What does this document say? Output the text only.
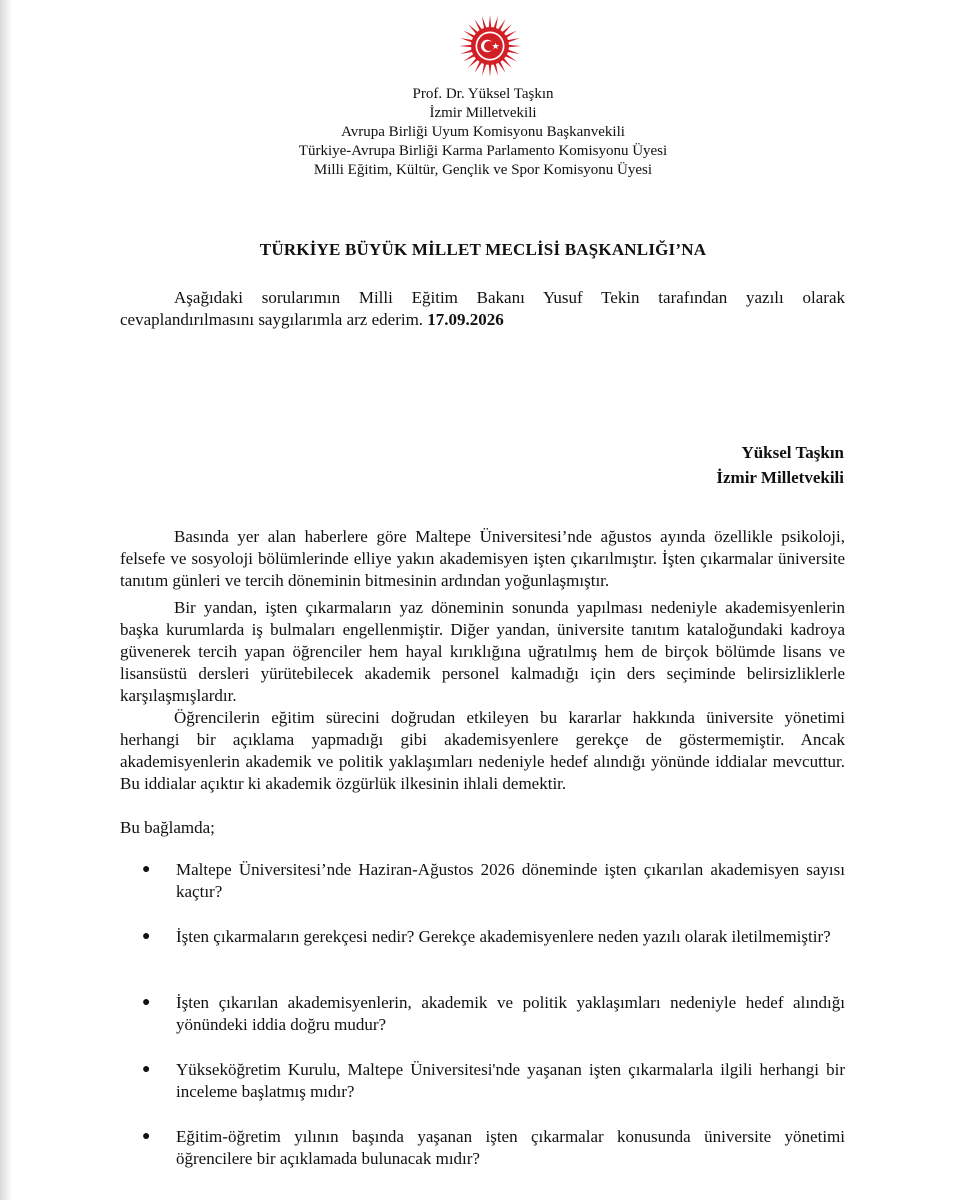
Prof. Dr. Yüksel Taşkın
İzmir Milletvekili
Avrupa Birliği Uyum Komisyonu Başkanvekili
Türkiye-Avrupa Birliği Karma Parlamento Komisyonu Üyesi
Milli Eğitim, Kültür, Gençlik ve Spor Komisyonu Üyesi
TÜRKİYE BÜYÜK MİLLET MECLİSİ BAŞKANLIĞI’NA
Aşağıdaki sorularımın Milli Eğitim Bakanı Yusuf Tekin tarafından yazılı olarak cevaplandırılmasını saygılarımla arz ederim. 17.09.2026
Yüksel Taşkın
İzmir Milletvekili
Basında yer alan haberlere göre Maltepe Üniversitesi’nde ağustos ayında özellikle psikoloji, felsefe ve sosyoloji bölümlerinde elliye yakın akademisyen işten çıkarılmıştır. İşten çıkarmalar üniversite tanıtım günleri ve tercih döneminin bitmesinin ardından yoğunlaşmıştır.
Bir yandan, işten çıkarmaların yaz döneminin sonunda yapılması nedeniyle akademisyenlerin başka kurumlarda iş bulmaları engellenmiştir. Diğer yandan, üniversite tanıtım kataloğundaki kadroya güvenerek tercih yapan öğrenciler hem hayal kırıklığına uğratılmış hem de birçok bölümde lisans ve lisansüstü dersleri yürütebilecek akademik personel kalmadığı için ders seçiminde belirsizliklerle karşılaşmışlardır.
Öğrencilerin eğitim sürecini doğrudan etkileyen bu kararlar hakkında üniversite yönetimi herhangi bir açıklama yapmadığı gibi akademisyenlere gerekçe de göstermemiştir. Ancak akademisyenlerin akademik ve politik yaklaşımları nedeniyle hedef alındığı yönünde iddialar mevcuttur. Bu iddialar açıktır ki akademik özgürlük ilkesinin ihlali demektir.
Bu bağlamda;
● Maltepe Üniversitesi’nde Haziran-Ağustos 2026 döneminde işten çıkarılan akademisyen sayısı kaçtır?
● İşten çıkarmaların gerekçesi nedir? Gerekçe akademisyenlere neden yazılı olarak iletilmemiştir?
● İşten çıkarılan akademisyenlerin, akademik ve politik yaklaşımları nedeniyle hedef alındığı yönündeki iddia doğru mudur?
● Yükseköğretim Kurulu, Maltepe Üniversitesi'nde yaşanan işten çıkarmalarla ilgili herhangi bir inceleme başlatmış mıdır?
● Eğitim-öğretim yılının başında yaşanan işten çıkarmalar konusunda üniversite yönetimi öğrencilere bir açıklamada bulunacak mıdır?
